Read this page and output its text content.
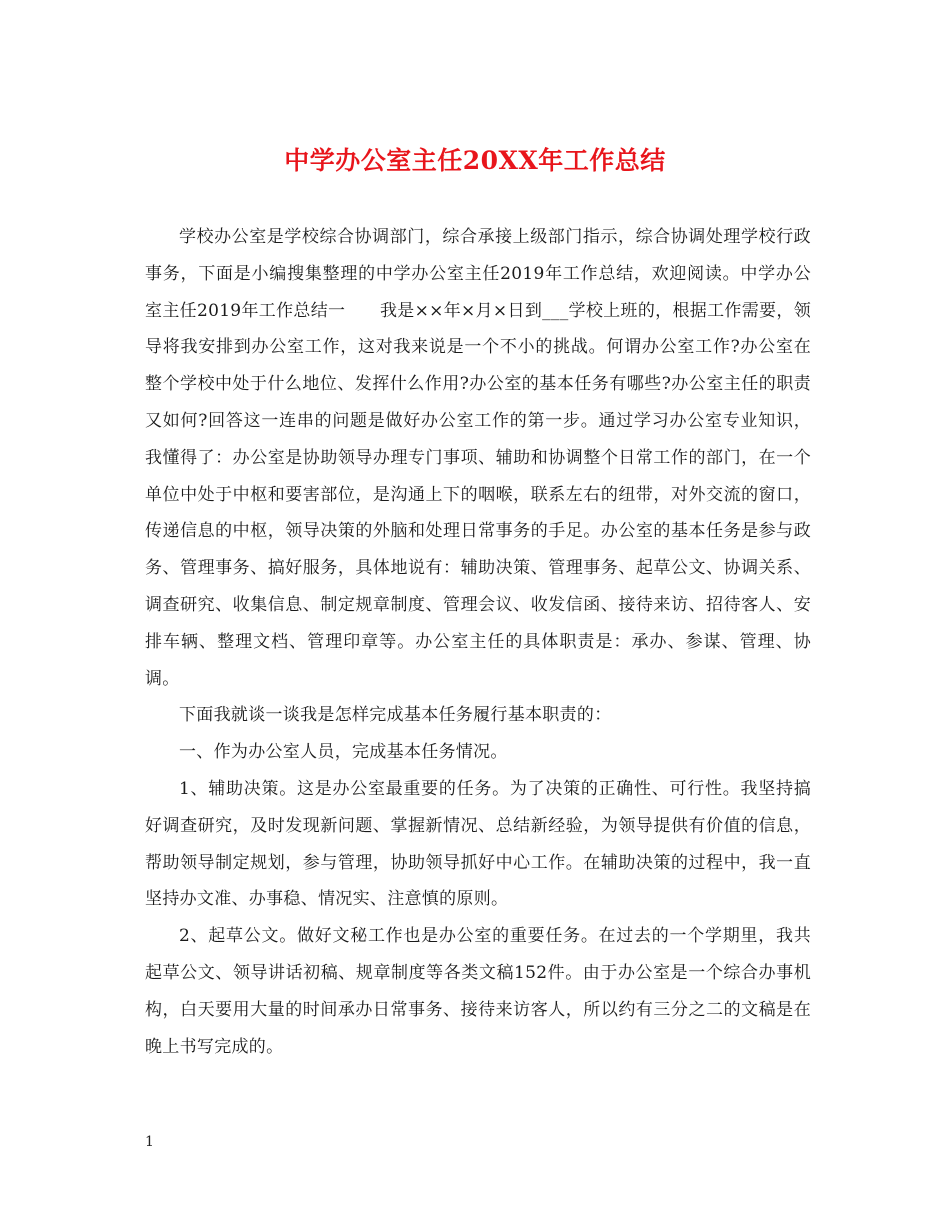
中学办公室主任20XX年工作总结

学校办公室是学校综合协调部门，综合承接上级部门指示，综合协调处理学校行政事务，下面是小编搜集整理的中学办公室主任2019年工作总结，欢迎阅读。中学办公室主任2019年工作总结一　　我是××年×月×日到___学校上班的，根据工作需要，领导将我安排到办公室工作，这对我来说是一个不小的挑战。何谓办公室工作?办公室在整个学校中处于什么地位、发挥什么作用?办公室的基本任务有哪些?办公室主任的职责又如何?回答这一连串的问题是做好办公室工作的第一步。通过学习办公室专业知识，我懂得了：办公室是协助领导办理专门事项、辅助和协调整个日常工作的部门，在一个单位中处于中枢和要害部位，是沟通上下的咽喉，联系左右的纽带，对外交流的窗口，传递信息的中枢，领导决策的外脑和处理日常事务的手足。办公室的基本任务是参与政务、管理事务、搞好服务，具体地说有：辅助决策、管理事务、起草公文、协调关系、调查研究、收集信息、制定规章制度、管理会议、收发信函、接待来访、招待客人、安排车辆、整理文档、管理印章等。办公室主任的具体职责是：承办、参谋、管理、协调。

下面我就谈一谈我是怎样完成基本任务履行基本职责的：

一、作为办公室人员，完成基本任务情况。

1、辅助决策。这是办公室最重要的任务。为了决策的正确性、可行性。我坚持搞好调查研究，及时发现新问题、掌握新情况、总结新经验，为领导提供有价值的信息，帮助领导制定规划，参与管理，协助领导抓好中心工作。在辅助决策的过程中，我一直坚持办文准、办事稳、情况实、注意慎的原则。

2、起草公文。做好文秘工作也是办公室的重要任务。在过去的一个学期里，我共起草公文、领导讲话初稿、规章制度等各类文稿152件。由于办公室是一个综合办事机构，白天要用大量的时间承办日常事务、接待来访客人，所以约有三分之二的文稿是在晚上书写完成的。

1
